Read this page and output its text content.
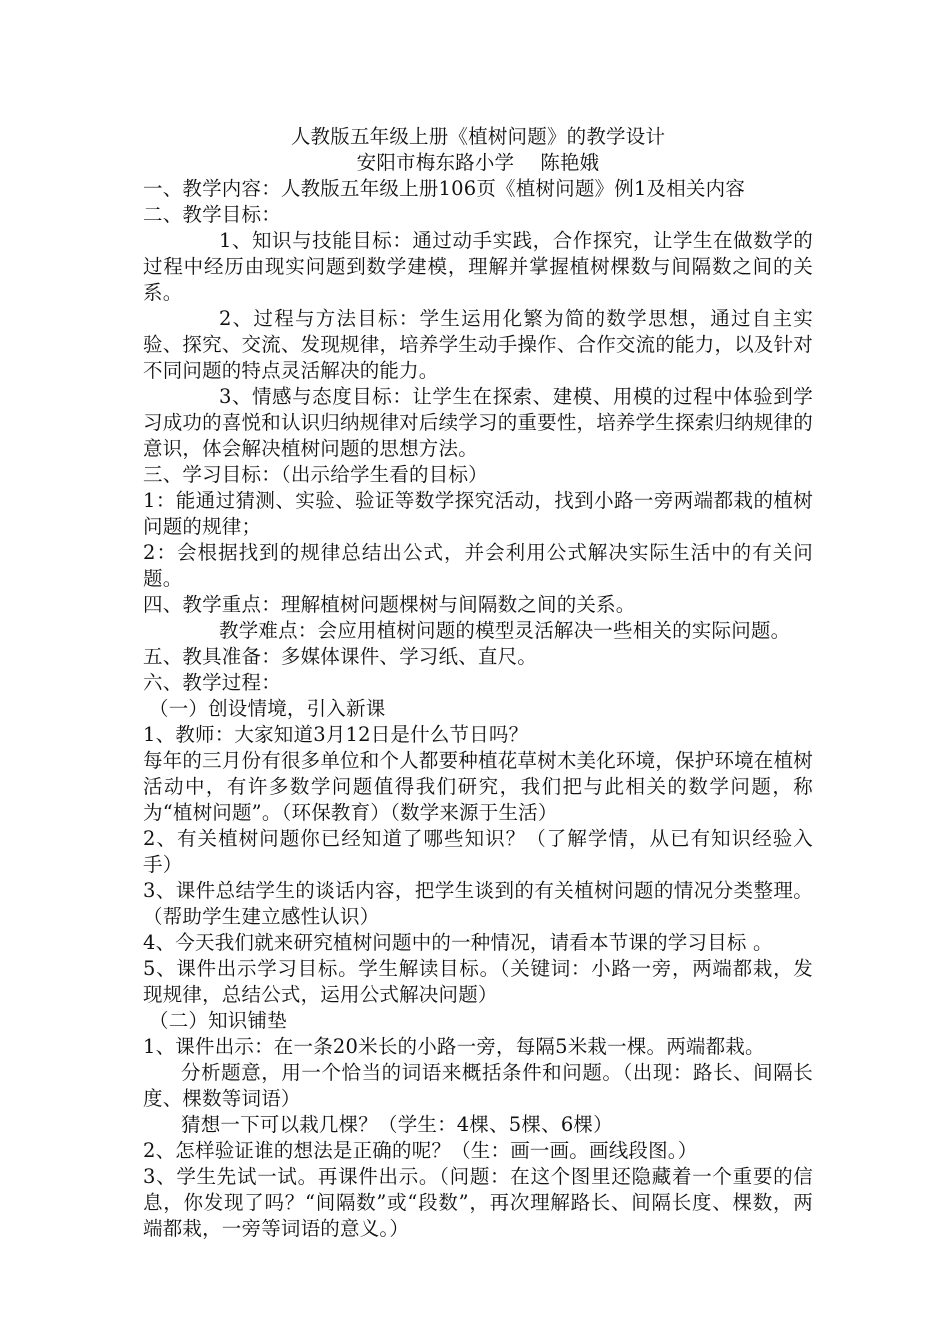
人教版五年级上册《植树问题》的教学设计

安阳市梅东路小学 陈艳娥

一、教学内容：人教版五年级上册106页《植树问题》例1及相关内容

二、教学目标：

1、知识与技能目标：通过动手实践，合作探究，让学生在做数学的过程中经历由现实问题到数学建模，理解并掌握植树棵数与间隔数之间的关系。

2、过程与方法目标：学生运用化繁为简的数学思想，通过自主实验、探究、交流、发现规律，培养学生动手操作、合作交流的能力，以及针对不同问题的特点灵活解决的能力。

3、情感与态度目标：让学生在探索、建模、用模的过程中体验到学习成功的喜悦和认识归纳规律对后续学习的重要性，培养学生探索归纳规律的意识，体会解决植树问题的思想方法。

三、学习目标：（出示给学生看的目标）

1：能通过猜测、实验、验证等数学探究活动，找到小路一旁两端都栽的植树问题的规律；

2：会根据找到的规律总结出公式，并会利用公式解决实际生活中的有关问题。

四、教学重点：理解植树问题棵树与间隔数之间的关系。

教学难点：会应用植树问题的模型灵活解决一些相关的实际问题。

五、教具准备：多媒体课件、学习纸、直尺。

六、教学过程：

（一）创设情境，引入新课

1、教师：大家知道3月12日是什么节日吗？

每年的三月份有很多单位和个人都要种植花草树木美化环境，保护环境在植树活动中，有许多数学问题值得我们研究，我们把与此相关的数学问题，称为“植树问题”。（环保教育）（数学来源于生活）

2、有关植树问题你已经知道了哪些知识？（了解学情，从已有知识经验入手）

3、课件总结学生的谈话内容，把学生谈到的有关植树问题的情况分类整理。（帮助学生建立感性认识）

4、今天我们就来研究植树问题中的一种情况，请看本节课的学习目标 。

5、课件出示学习目标。学生解读目标。（关键词：小路一旁，两端都栽，发现规律，总结公式，运用公式解决问题）

（二）知识铺垫

1、课件出示：在一条20米长的小路一旁，每隔5米栽一棵。两端都栽。

分析题意，用一个恰当的词语来概括条件和问题。（出现：路长、间隔长度、棵数等词语）

猜想一下可以栽几棵？（学生：4棵、5棵、6棵）

2、怎样验证谁的想法是正确的呢？（生：画一画。画线段图。）

3、学生先试一试。再课件出示。（问题：在这个图里还隐藏着一个重要的信息，你发现了吗？“间隔数”或“段数”，再次理解路长、间隔长度、棵数，两端都栽，一旁等词语的意义。）
